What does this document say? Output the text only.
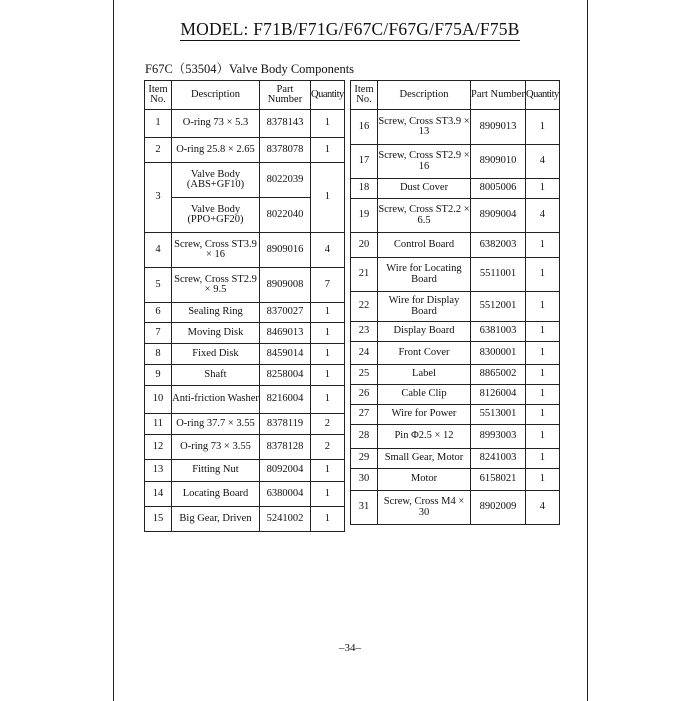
MODEL: F71B/F71G/F67C/F67G/F75A/F75B
F67C（53504）Valve Body Components
Item No.	Description	Part Number	Quantity
1	O-ring 73 × 5.3	8378143	1
2	O-ring 25.8 × 2.65	8378078	1
3	Valve Body (ABS+GF10)	8022039	1
	Valve Body (PPO+GF20)	8022040	
4	Screw, Cross ST3.9 × 16	8909016	4
5	Screw, Cross ST2.9 × 9.5	8909008	7
6	Sealing Ring	8370027	1
7	Moving Disk	8469013	1
8	Fixed Disk	8459014	1
9	Shaft	8258004	1
10	Anti-friction Washer	8216004	1
11	O-ring 37.7 × 3.55	8378119	2
12	O-ring 73 × 3.55	8378128	2
13	Fitting Nut	8092004	1
14	Locating Board	6380004	1
15	Big Gear, Driven	5241002	1
Item No.	Description	Part Number	Quantity
16	Screw, Cross ST3.9 × 13	8909013	1
17	Screw, Cross ST2.9 × 16	8909010	4
18	Dust Cover	8005006	1
19	Screw, Cross ST2.2 × 6.5	8909004	4
20	Control Board	6382003	1
21	Wire for Locating Board	5511001	1
22	Wire for Display Board	5512001	1
23	Display Board	6381003	1
24	Front Cover	8300001	1
25	Label	8865002	1
26	Cable Clip	8126004	1
27	Wire for Power	5513001	1
28	Pin Φ2.5 × 12	8993003	1
29	Small Gear, Motor	8241003	1
30	Motor	6158021	1
31	Screw, Cross M4 × 30	8902009	4
–34–
